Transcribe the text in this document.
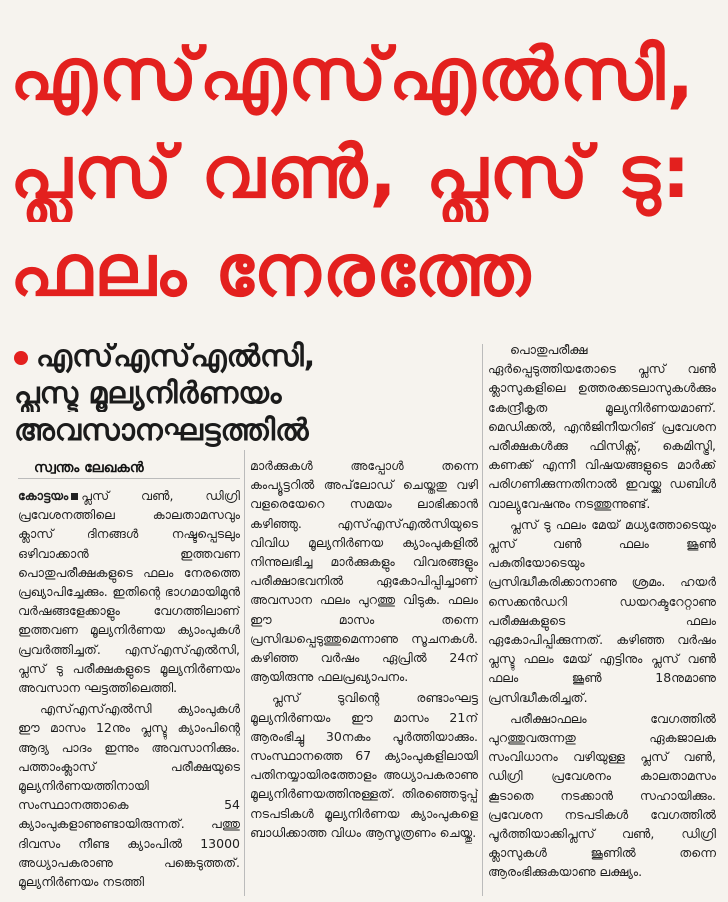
എസ്എസ്എൽസി,
പ്ലസ് വൺ, പ്ലസ് ടു:
ഫലം നേരത്തേ
എസ്എസ്എൽസി,
പ്ലസ്ടു മൂല്യനിർണയം
അവസാനഘട്ടത്തിൽ
സ്വന്തം ലേഖകൻ

കോട്ടയം പ്ലസ് വൺ, ഡിഗ്രി പ്രവേശനത്തിലെ കാലതാമസവും ക്ലാസ് ദിനങ്ങൾ നഷ്ടപ്പെടലും ഒഴിവാക്കാൻ ഇത്തവണ പൊതുപരീക്ഷകളുടെ ഫലം നേരത്തെ പ്രഖ്യാപിച്ചേക്കും. ഇതിന്റെ ഭാഗമായിമുൻ വർഷങ്ങളേക്കാളും വേഗത്തിലാണ് ഇത്തവണ മൂല്യനിർണയ ക്യാംപുകൾ പ്രവർത്തിച്ചത്. എസ്എസ്എൽസി, പ്ലസ് ടു പരീക്ഷകളുടെ മൂല്യനിർണയം അവസാന ഘട്ടത്തിലെത്തി.

എസ്എസ്എൽസി ക്യാംപുകൾ ഈ മാസം 12നും പ്ലസ്ടു ക്യാംപിന്റെ ആദ്യ പാദം ഇന്നും അവസാനിക്കും. പത്താംക്ലാസ് പരീക്ഷയുടെ മൂല്യനിർണയത്തിനായി സംസ്ഥാനത്താകെ 54 ക്യാംപുകളാണുണ്ടായിരുന്നത്. പത്തു ദിവസം നീണ്ട ക്യാംപിൽ 13000 അധ്യാപകരാണു പങ്കെടുത്തത്. മൂല്യനിർണയം നടത്തി

മാർക്കുകൾ അപ്പോൾ തന്നെ കംപ്യൂട്ടറിൽ അപ്‌ലോഡ് ചെയ്തതു വഴി വളരെയേറെ സമയം ലാഭിക്കാൻ കഴിഞ്ഞു. എസ്എസ്എൽസിയുടെ വിവിധ മൂല്യനിർണയ ക്യാംപുകളിൽ നിന്നുലഭിച്ച മാർക്കുകളും വിവരങ്ങളും പരീക്ഷാഭവനിൽ ഏകോപിപ്പിച്ചാണ് അവസാന ഫലം പുറത്തു വിടുക. ഫലം ഈ മാസം തന്നെ പ്രസിദ്ധപ്പെടുത്തുമെന്നാണു സൂചനകൾ. കഴിഞ്ഞ വർഷം ഏപ്രിൽ 24ന് ആയിരുന്നു ഫലപ്രഖ്യാപനം.

പ്ലസ് ടുവിന്റെ രണ്ടാംഘട്ട മൂല്യനിർണയം ഈ മാസം 21ന് ആരംഭിച്ചു 30നകം പൂർത്തിയാക്കും. സംസ്ഥാനത്തെ 67 ക്യാംപുകളിലായി പതിനയ്യായിരത്തോളം അധ്യാപകരാണു മൂല്യനിർണയത്തിനുള്ളത്. തിരഞ്ഞെടുപ്പ് നടപടികൾ മൂല്യനിർണയ ക്യാംപുകളെ ബാധിക്കാത്ത വിധം ആസൂത്രണം ചെയ്തു.

പൊതുപരീക്ഷ ഏർപ്പെടുത്തിയതോടെ പ്ലസ് വൺ ക്ലാസുകളിലെ ഉത്തരക്കടലാസുകൾക്കും കേന്ദ്രീകൃത മൂല്യനിർണയമാണ്. മെഡിക്കൽ, എൻജിനീയറിങ് പ്രവേശന പരീക്ഷകൾക്കു ഫിസിക്സ്, കെമിസ്ട്രി, കണക്ക് എന്നീ വിഷയങ്ങളുടെ മാർക്ക് പരിഗണിക്കുന്നതിനാൽ ഇവയ്ക്കു ഡബിൾ വാല്യുവേഷനും നടത്തുന്നുണ്ട്.

പ്ലസ് ടു ഫലം മേയ് മധ്യത്തോടെയും പ്ലസ് വൺ ഫലം ജൂൺ പകുതിയോടെയും പ്രസിദ്ധീകരിക്കാനാണു ശ്രമം. ഹയർ സെക്കൻഡറി ഡയറക്ടറേറ്റാണു പരീക്ഷകളുടെ ഫലം ഏകോപിപ്പിക്കുന്നത്. കഴിഞ്ഞ വർഷം പ്ലസ്ടു ഫലം മേയ് എട്ടിനും പ്ലസ് വൺ ഫലം ജൂൺ 18നുമാണു പ്രസിദ്ധീകരിച്ചത്.

പരീക്ഷാഫലം വേഗത്തിൽ പുറത്തുവരുന്നതു ഏകജാലക സംവിധാനം വഴിയുള്ള പ്ലസ് വൺ, ഡിഗ്രി പ്രവേശനം കാലതാമസം കൂടാതെ നടക്കാൻ സഹായിക്കും. പ്രവേശന നടപടികൾ വേഗത്തിൽ പൂർത്തിയാക്കിപ്ലസ് വൺ, ഡിഗ്രി ക്ലാസുകൾ ജൂണിൽ തന്നെ ആരംഭിക്കുകയാണു ലക്ഷ്യം.
